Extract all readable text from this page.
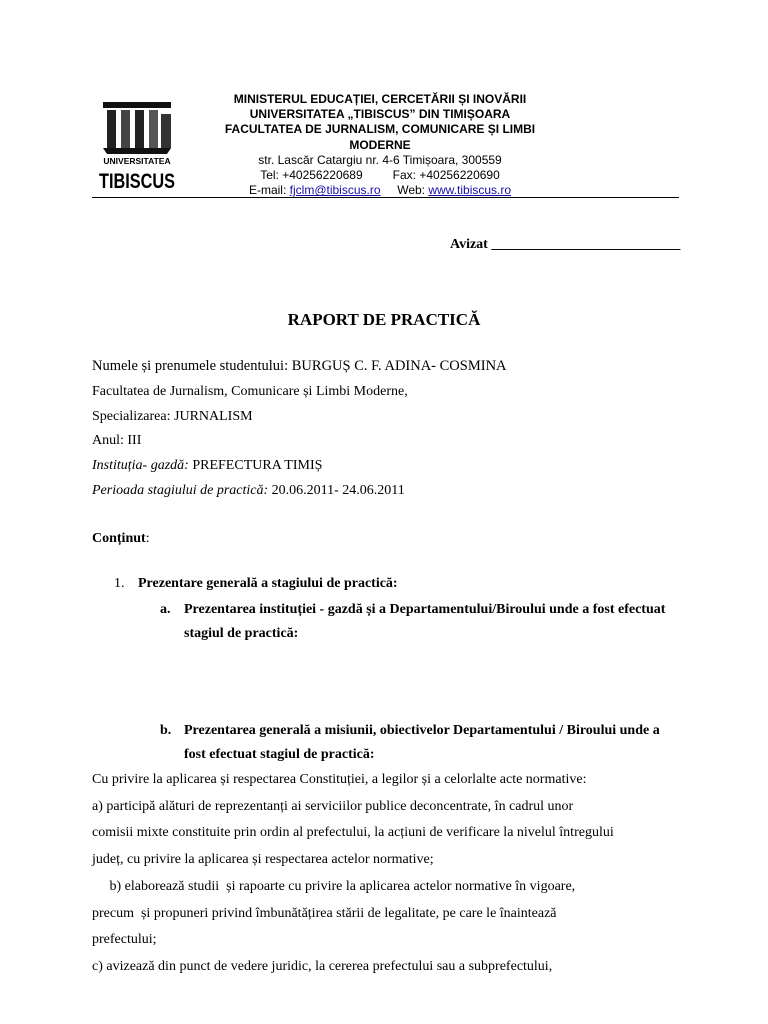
UNIVERSITATEA
TIBISCUS
MINISTERUL EDUCAȚIEI, CERCETĂRII ȘI INOVĂRII
UNIVERSITATEA „TIBISCUS” DIN TIMIȘOARA
FACULTATEA DE JURNALISM, COMUNICARE ȘI LIMBI
MODERNE
str. Lascăr Catargiu nr. 4-6 Timișoara, 300559
Tel: +40256220689	Fax: +40256220690
E-mail: fjclm@tibiscus.ro Web: www.tibiscus.ro
Avizat ___________________________
RAPORT DE PRACTICĂ
Numele și prenumele studentului: BURGUȘ C. F. ADINA- COSMINA
Facultatea de Jurnalism, Comunicare și Limbi Moderne,
Specializarea: JURNALISM
Anul: III
Instituția- gazdă: PREFECTURA TIMIȘ
Perioada stagiului de practică: 20.06.2011- 24.06.2011
Conținut:
1. Prezentare generală a stagiului de practică:
a. Prezentarea instituției - gazdă și a Departamentului/Biroului unde a fost efectuat
stagiul de practică:
b. Prezentarea generală a misiunii, obiectivelor Departamentului / Biroului unde a
fost efectuat stagiul de practică:
Cu privire la aplicarea și respectarea Constituției, a legilor și a celorlalte acte normative:
a) participă alături de reprezentanți ai serviciilor publice deconcentrate, în cadrul unor
comisii mixte constituite prin ordin al prefectului, la acțiuni de verificare la nivelul întregului
județ, cu privire la aplicarea și respectarea actelor normative;
b) elaborează studii  și rapoarte cu privire la aplicarea actelor normative în vigoare,
precum  și propuneri privind îmbunătățirea stării de legalitate, pe care le înaintează
prefectului;
c) avizează din punct de vedere juridic, la cererea prefectului sau a subprefectului,
